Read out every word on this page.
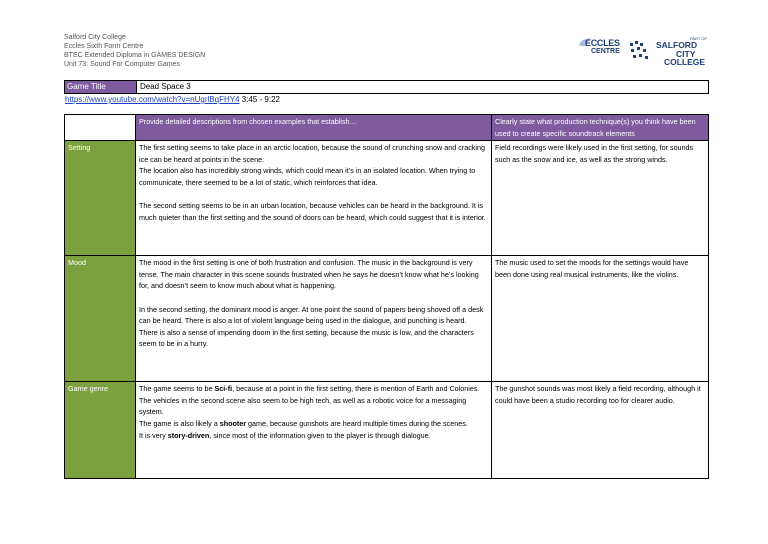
Salford City College
Eccles Sixth Form Centre
BTEC Extended Diploma in GAMES DESIGN
Unit 73: Sound For Computer Games
ECCLES
CENTRE
PART OF
SALFORD
CITY
COLLEGE
Game Title	Dead Space 3
https://www.youtube.com/watch?v=nUgrlBqFHY4 3:45 - 9:22
	Provide detailed descriptions from chosen examples that establish…	Clearly state what production technique(s) you think have been used to create specific soundtrack elements
Setting	The first setting seems to take place in an arctic location, because the sound of crunching snow and cracking ice can be heard at points in the scene.

The location also has incredibly strong winds, which could mean it’s in an isolated location. When trying to communicate, there seemed to be a lot of static, which reinforces that idea.

The second setting seems to be in an urban location, because vehicles can be heard in the background. It is much quieter than the first setting and the sound of doors can be heard, which could suggest that it is interior.	Field recordings were likely used in the first setting, for sounds such as the snow and ice, as well as the strong winds.
Mood	The mood in the first setting is one of both frustration and confusion. The music in the background is very tense. The main character in this scene sounds frustrated when he says he doesn’t know what he’s looking for, and doesn’t seem to know much about what is happening.

In the second setting, the dominant mood is anger. At one point the sound of papers being shoved off a desk can be heard. There is also a lot of violent language being used in the dialogue, and punching is heard.

There is also a sense of impending doom in the first setting, because the music is low, and the characters seem to be in a hurry.	The music used to set the moods for the settings would have been done using real musical instruments, like the violins.
Game genre	The game seems to be Sci-fi, because at a point in the first setting, there is mention of Earth and Colonies. The vehicles in the second scene also seem to be high tech, as well as a robotic voice for a messaging system.

The game is also likely a shooter game, because gunshots are heard multiple times during the scenes.

It is very story-driven, since most of the information given to the player is through dialogue.	The gunshot sounds was most likely a field recording, although it could have been a studio recording too for clearer audio.
